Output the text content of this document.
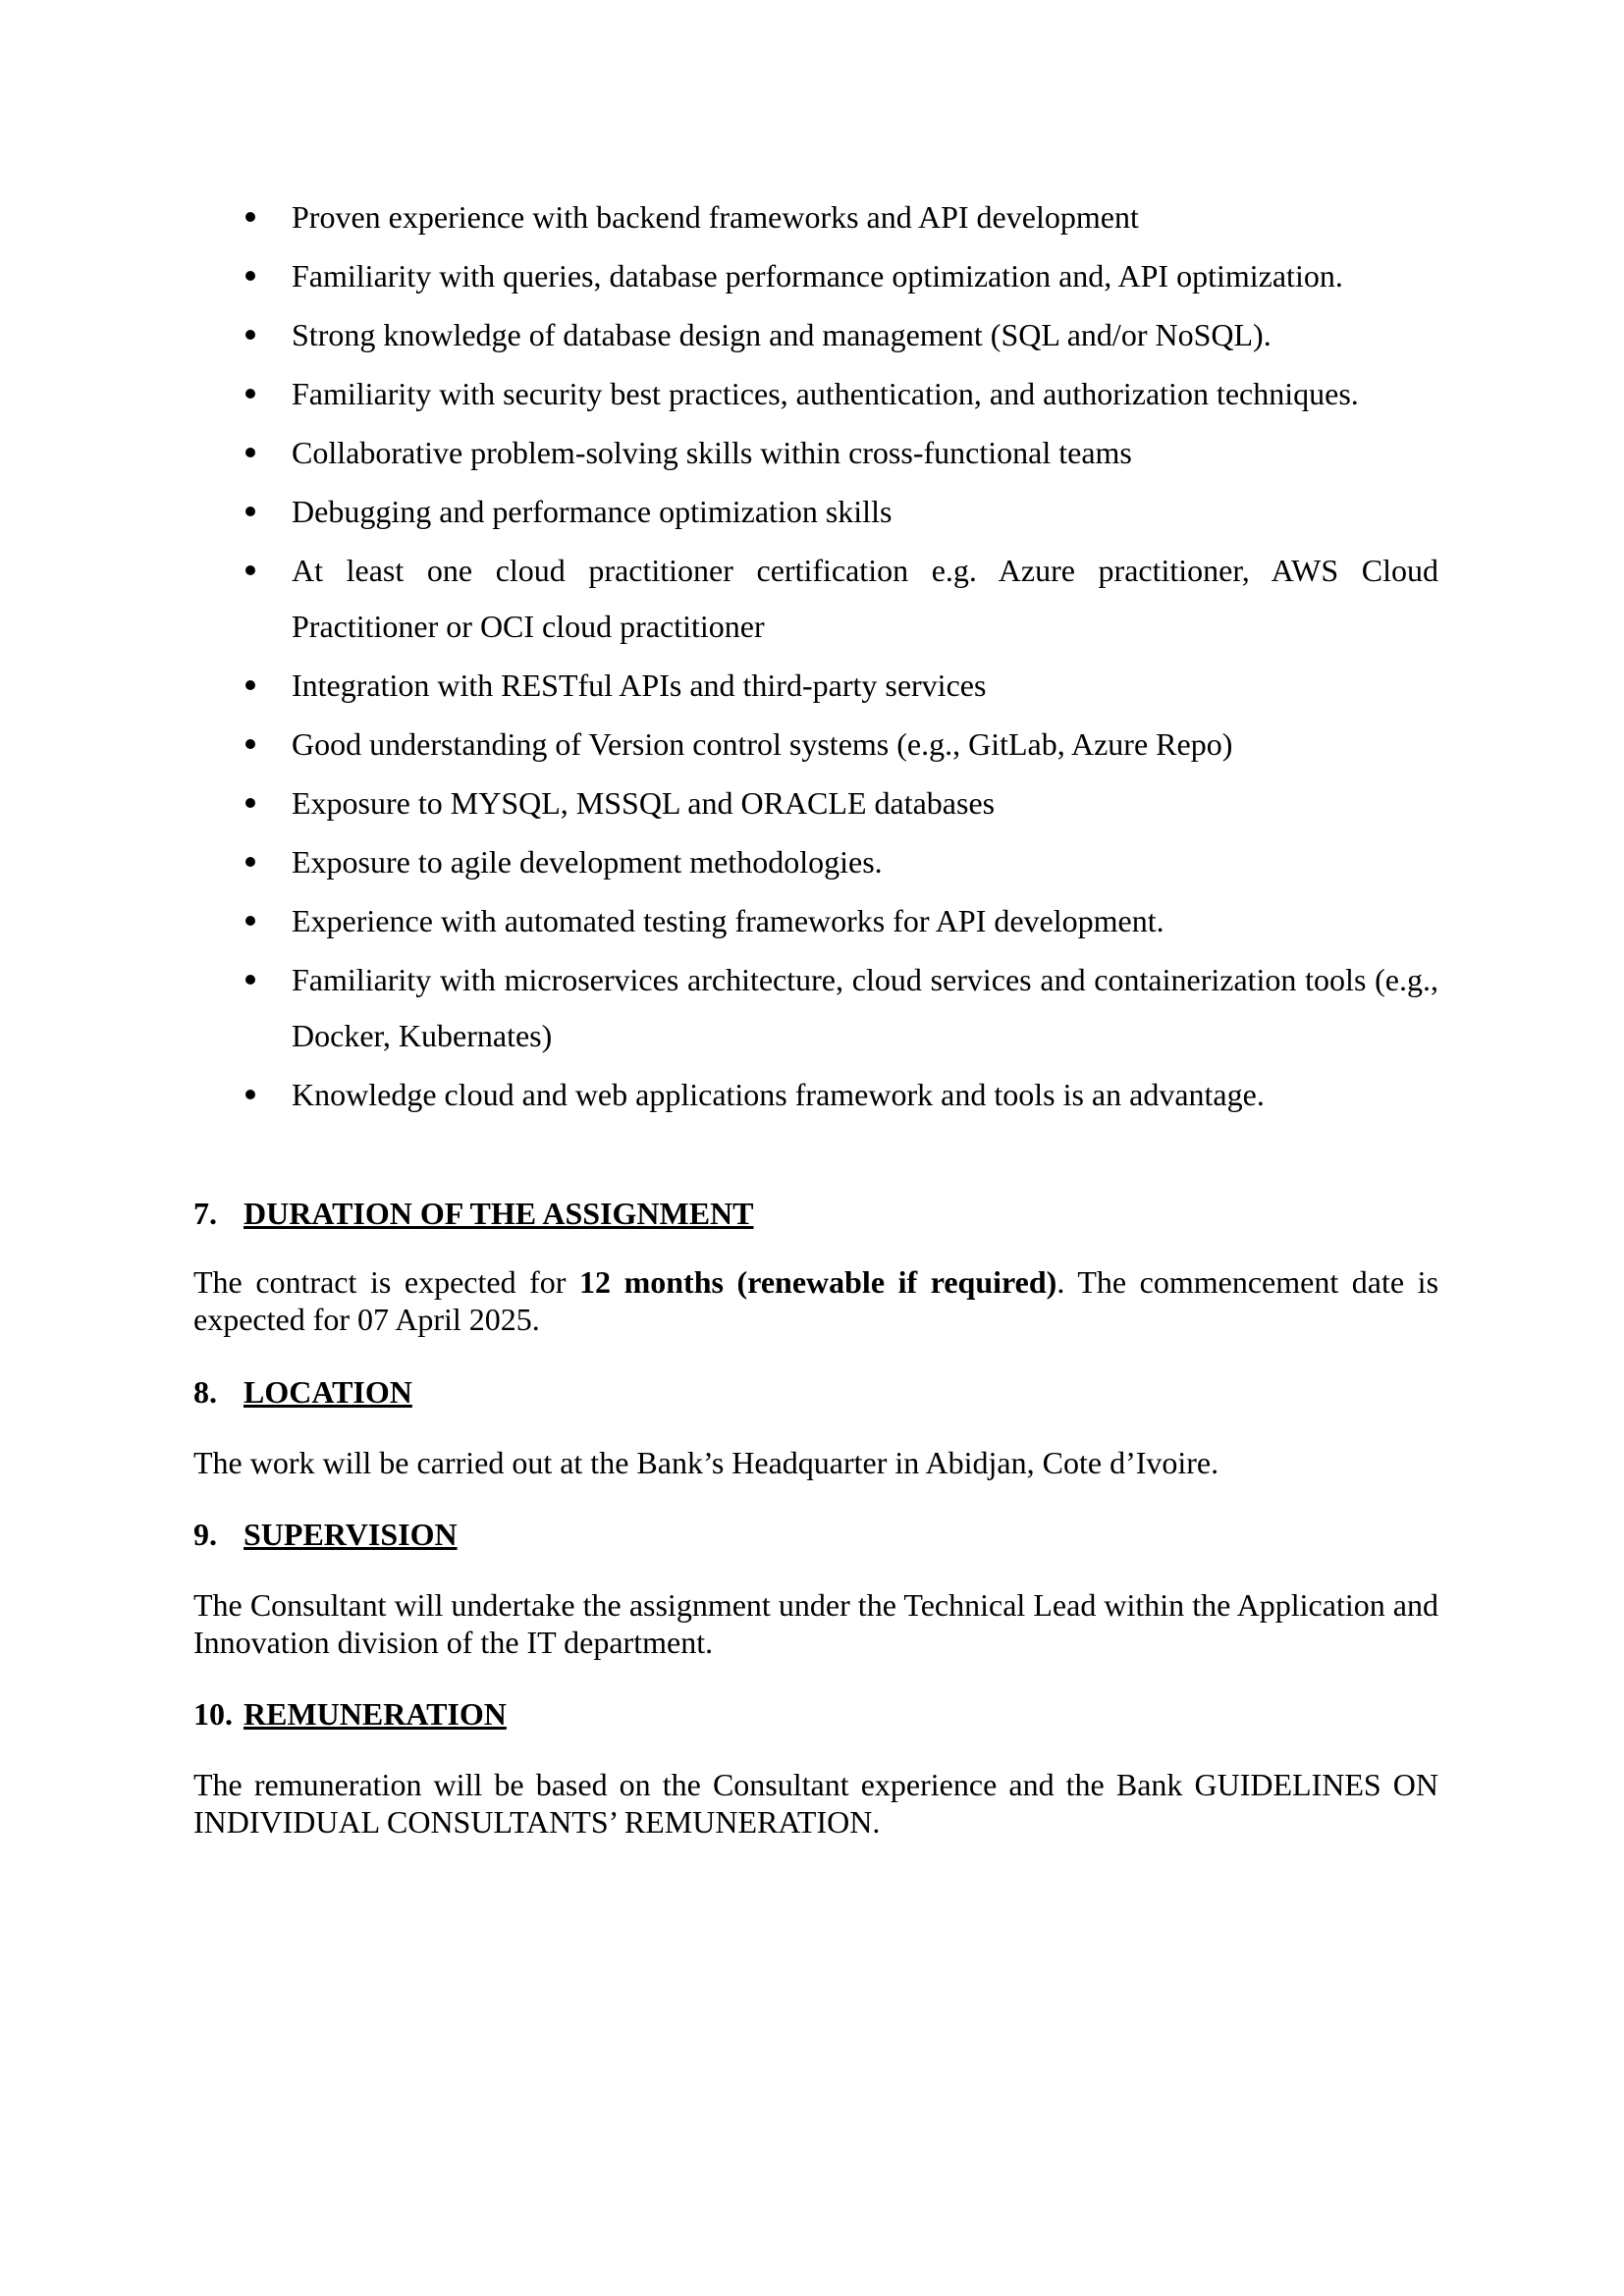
Proven experience with backend frameworks and API development
Familiarity with queries, database performance optimization and, API optimization.
Strong knowledge of database design and management (SQL and/or NoSQL).
Familiarity with security best practices, authentication, and authorization techniques.
Collaborative problem-solving skills within cross-functional teams
Debugging and performance optimization skills
At least one cloud practitioner certification e.g. Azure practitioner, AWS Cloud Practitioner or OCI cloud practitioner
Integration with RESTful APIs and third-party services
Good understanding of Version control systems (e.g., GitLab, Azure Repo)
Exposure to MYSQL, MSSQL and ORACLE databases
Exposure to agile development methodologies.
Experience with automated testing frameworks for API development.
Familiarity with microservices architecture, cloud services and containerization tools (e.g., Docker, Kubernates)
Knowledge cloud and web applications framework and tools is an advantage.
7. DURATION OF THE ASSIGNMENT

The contract is expected for 12 months (renewable if required). The commencement date is expected for 07 April 2025.

8. LOCATION

The work will be carried out at the Bank’s Headquarter in Abidjan, Cote d’Ivoire.

9. SUPERVISION

The Consultant will undertake the assignment under the Technical Lead within the Application and Innovation division of the IT department.

10. REMUNERATION

The remuneration will be based on the Consultant experience and the Bank GUIDELINES ON INDIVIDUAL CONSULTANTS’ REMUNERATION.
